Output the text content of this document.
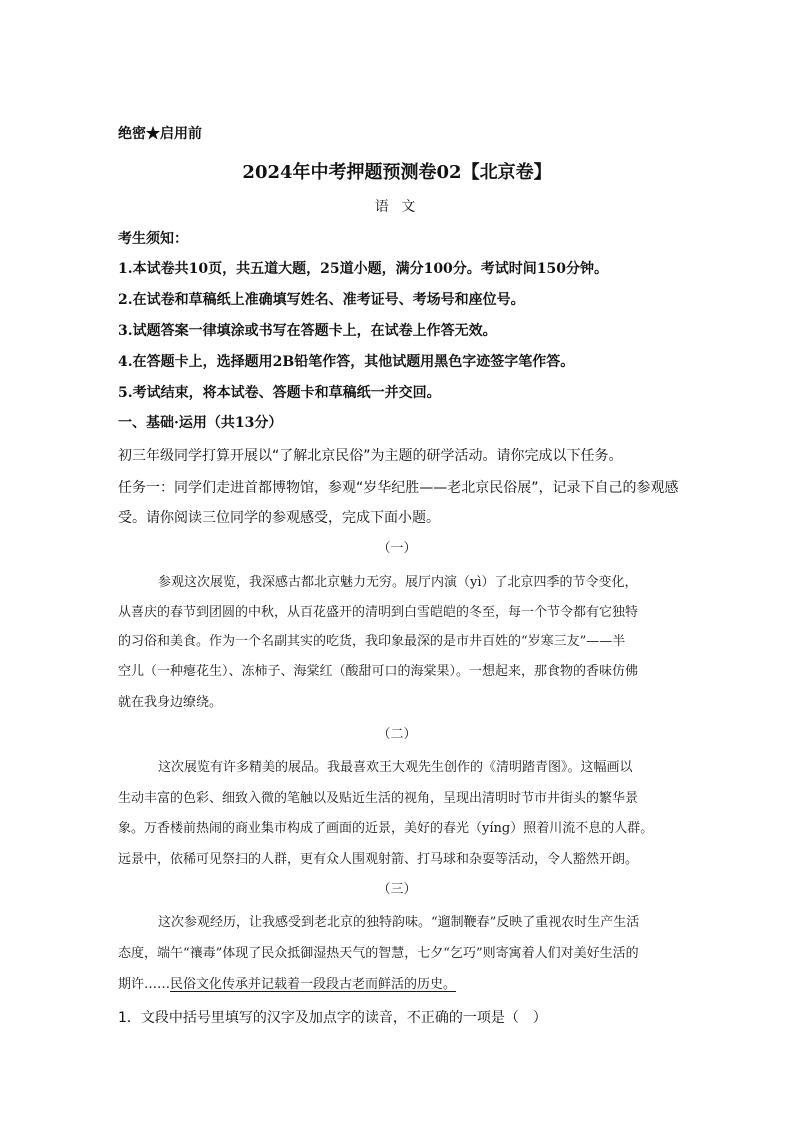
绝密★启用前
2024年中考押题预测卷02【北京卷】
语 文
考生须知：
1.本试卷共10页，共五道大题，25道小题，满分100分。考试时间150分钟。
2.在试卷和草稿纸上准确填写姓名、准考证号、考场号和座位号。
3.试题答案一律填涂或书写在答题卡上，在试卷上作答无效。
4.在答题卡上，选择题用2B铅笔作答，其他试题用黑色字迹签字笔作答。
5.考试结束，将本试卷、答题卡和草稿纸一并交回。
一、基础·运用（共13分）
初三年级同学打算开展以“了解北京民俗”为主题的研学活动。请你完成以下任务。
任务一：同学们走进首都博物馆，参观“岁华纪胜——老北京民俗展”，记录下自己的参观感
受。请你阅读三位同学的参观感受，完成下面小题。
（一）
参观这次展览，我深感古都北京魅力无穷。展厅内演（yì）了北京四季的节令变化，
从喜庆的春节到团圆的中秋，从百花盛开的清明到白雪皑皑的冬至，每一个节令都有它独特
的习俗和美食。作为一个名副其实的吃货，我印象最深的是市井百姓的“岁寒三友”——半
空儿（一种瘪花生）、冻柿子、海棠红（酸甜可口的海棠果）。一想起来，那食物的香味仿佛
就在我身边缭绕。
（二）
这次展览有许多精美的展品。我最喜欢王大观先生创作的《清明踏青图》。这幅画以
生动丰富的色彩、细致入微的笔触以及贴近生活的视角，呈现出清明时节市井街头的繁华景
象。万香楼前热闹的商业集市构成了画面的近景，美好的春光（yíng）照着川流不息的人群。
远景中，依稀可见祭扫的人群，更有众人围观射箭、打马球和杂耍等活动，令人豁然开朗。
（三）
这次参观经历，让我感受到老北京的独特韵味。“遛制鞭春”反映了重视农时生产生活
态度，端午“禳毒”体现了民众抵御湿热天气的智慧，七夕“乞巧”则寄寓着人们对美好生活的
期许……民俗文化传承并记载着一段段古老而鲜活的历史。
1．文段中括号里填写的汉字及加点字的读音，不正确的一项是（　）
